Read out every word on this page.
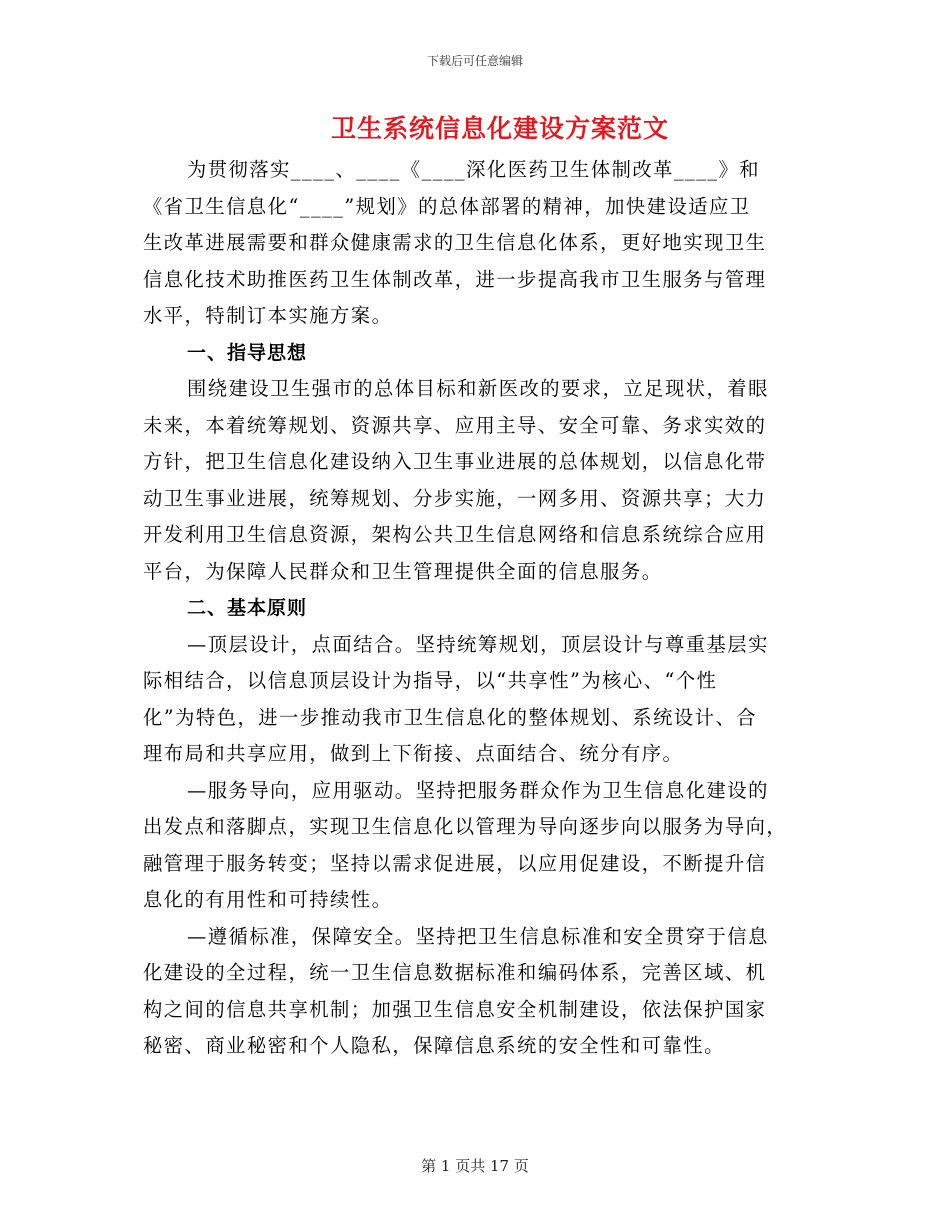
下载后可任意编辑
卫生系统信息化建设方案范文
为贯彻落实____、____《____深化医药卫生体制改革____》和
《省卫生信息化“____”规划》的总体部署的精神，加快建设适应卫
生改革进展需要和群众健康需求的卫生信息化体系，更好地实现卫生
信息化技术助推医药卫生体制改革，进一步提高我市卫生服务与管理
水平，特制订本实施方案。
一、指导思想
围绕建设卫生强市的总体目标和新医改的要求，立足现状，着眼
未来，本着统筹规划、资源共享、应用主导、安全可靠、务求实效的
方针，把卫生信息化建设纳入卫生事业进展的总体规划，以信息化带
动卫生事业进展，统筹规划、分步实施，一网多用、资源共享；大力
开发利用卫生信息资源，架构公共卫生信息网络和信息系统综合应用
平台，为保障人民群众和卫生管理提供全面的信息服务。
二、基本原则
—顶层设计，点面结合。坚持统筹规划，顶层设计与尊重基层实
际相结合，以信息顶层设计为指导，以“共享性”为核心、“个性
化”为特色，进一步推动我市卫生信息化的整体规划、系统设计、合
理布局和共享应用，做到上下衔接、点面结合、统分有序。
—服务导向，应用驱动。坚持把服务群众作为卫生信息化建设的
出发点和落脚点，实现卫生信息化以管理为导向逐步向以服务为导向，
融管理于服务转变；坚持以需求促进展，以应用促建设，不断提升信
息化的有用性和可持续性。
—遵循标准，保障安全。坚持把卫生信息标准和安全贯穿于信息
化建设的全过程，统一卫生信息数据标准和编码体系，完善区域、机
构之间的信息共享机制；加强卫生信息安全机制建设，依法保护国家
秘密、商业秘密和个人隐私，保障信息系统的安全性和可靠性。
第 1 页共 17 页
